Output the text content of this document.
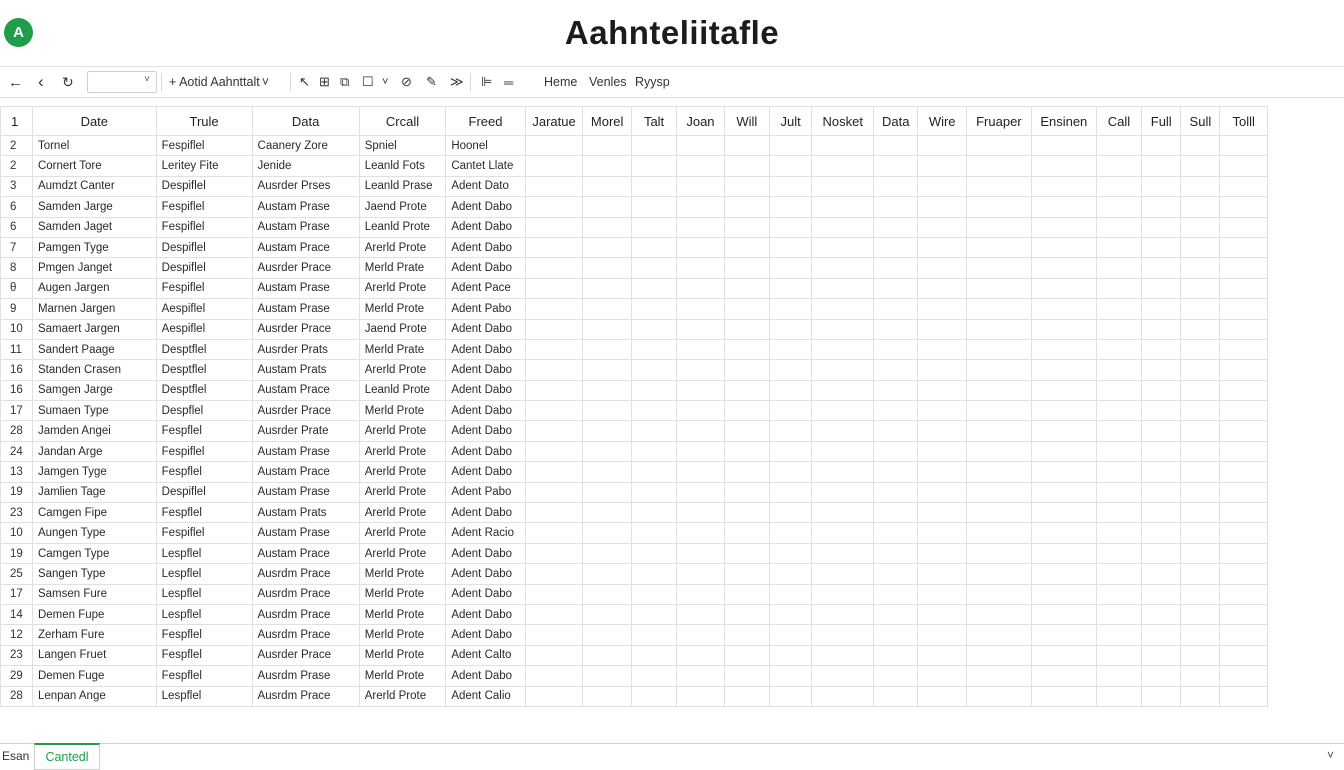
A	Aahnteliitafle
← ‹ ↻	˅ + Aotid Aahnttalt ˅ ↖ ⊞ ⧉ ☐ ˅ ⊘ ✎ ≫ ⊫ ═ Heme Venles Ryysp
1	Date	Trule	Data	Crcall	Freed	Jaratue	Morel	Talt	Joan	Will	Jult	Nosket	Data	Wire	Fruaper	Ensinen	Call	Full	Sull	Tolll
2	Tornel	Fespiflel	Caanery Zore	Spniel	Hoonel															
2	Cornert Tore	Leritey Fite	Jenide	Leanld Fots	Cantet Llate															
3	Aumdzt Canter	Despiflel	Ausrder Prses	Leanld Prase	Adent Dato															
6	Samden Jarge	Fespiflel	Austam Prase	Jaend Prote	Adent Dabo															
6	Samden Jaget	Fespiflel	Austam Prase	Leanld Prote	Adent Dabo															
7	Pamgen Tyge	Despiflel	Austam Prace	Arerld Prote	Adent Dabo															
8	Pmgen Janget	Despiflel	Ausrder Prace	Merld Prate	Adent Dabo															
θ	Augen Jargen	Fespiflel	Austam Prase	Arerld Prote	Adent Pace															
9	Marnen Jargen	Aespiflel	Austam Prase	Merld Prote	Adent Pabo															
10	Samaert Jargen	Aespiflel	Ausrder Prace	Jaend Prote	Adent Dabo															
11	Sandert Paage	Desptflel	Ausrder Prats	Merld Prate	Adent Dabo															
16	Standen Crasen	Desptflel	Austam Prats	Arerld Prote	Adent Dabo															
16	Samgen Jarge	Desptflel	Austam Prace	Leanld Prote	Adent Dabo															
17	Sumaen Type	Despflel	Ausrder Prace	Merld Prote	Adent Dabo															
28	Jamden Angei	Fespflel	Ausrder Prate	Arerld Prote	Adent Dabo															
24	Jandan Arge	Fespiflel	Austam Prase	Arerld Prote	Adent Dabo															
13	Jamgen Tyge	Fespflel	Austam Prace	Arerld Prote	Adent Dabo															
19	Jamlien Tage	Despiflel	Austam Prase	Arerld Prote	Adent Pabo															
23	Camgen Fipe	Fespflel	Austam Prats	Arerld Prote	Adent Dabo															
10	Aungen Type	Fespiflel	Austam Prase	Arerld Prote	Adent Racio															
19	Camgen Type	Lespflel	Austam Prace	Arerld Prote	Adent Dabo															
25	Sangen Type	Lespflel	Ausrdm Prace	Merld Prote	Adent Dabo															
17	Samsen Fure	Lespflel	Ausrdm Prace	Merld Prote	Adent Dabo															
14	Demen Fupe	Lespflel	Ausrdm Prace	Merld Prote	Adent Dabo															
12	Zerham Fure	Fespflel	Ausrdm Prace	Merld Prote	Adent Dabo															
23	Langen Fruet	Fespflel	Ausrder Prace	Merld Prote	Adent Calto															
29	Demen Fuge	Fespflel	Ausrdm Prase	Merld Prote	Adent Dabo															
28	Lenpan Ange	Lespflel	Ausrdm Prace	Arerld Prote	Adent Calio															
Esan	Cantedl	˅
